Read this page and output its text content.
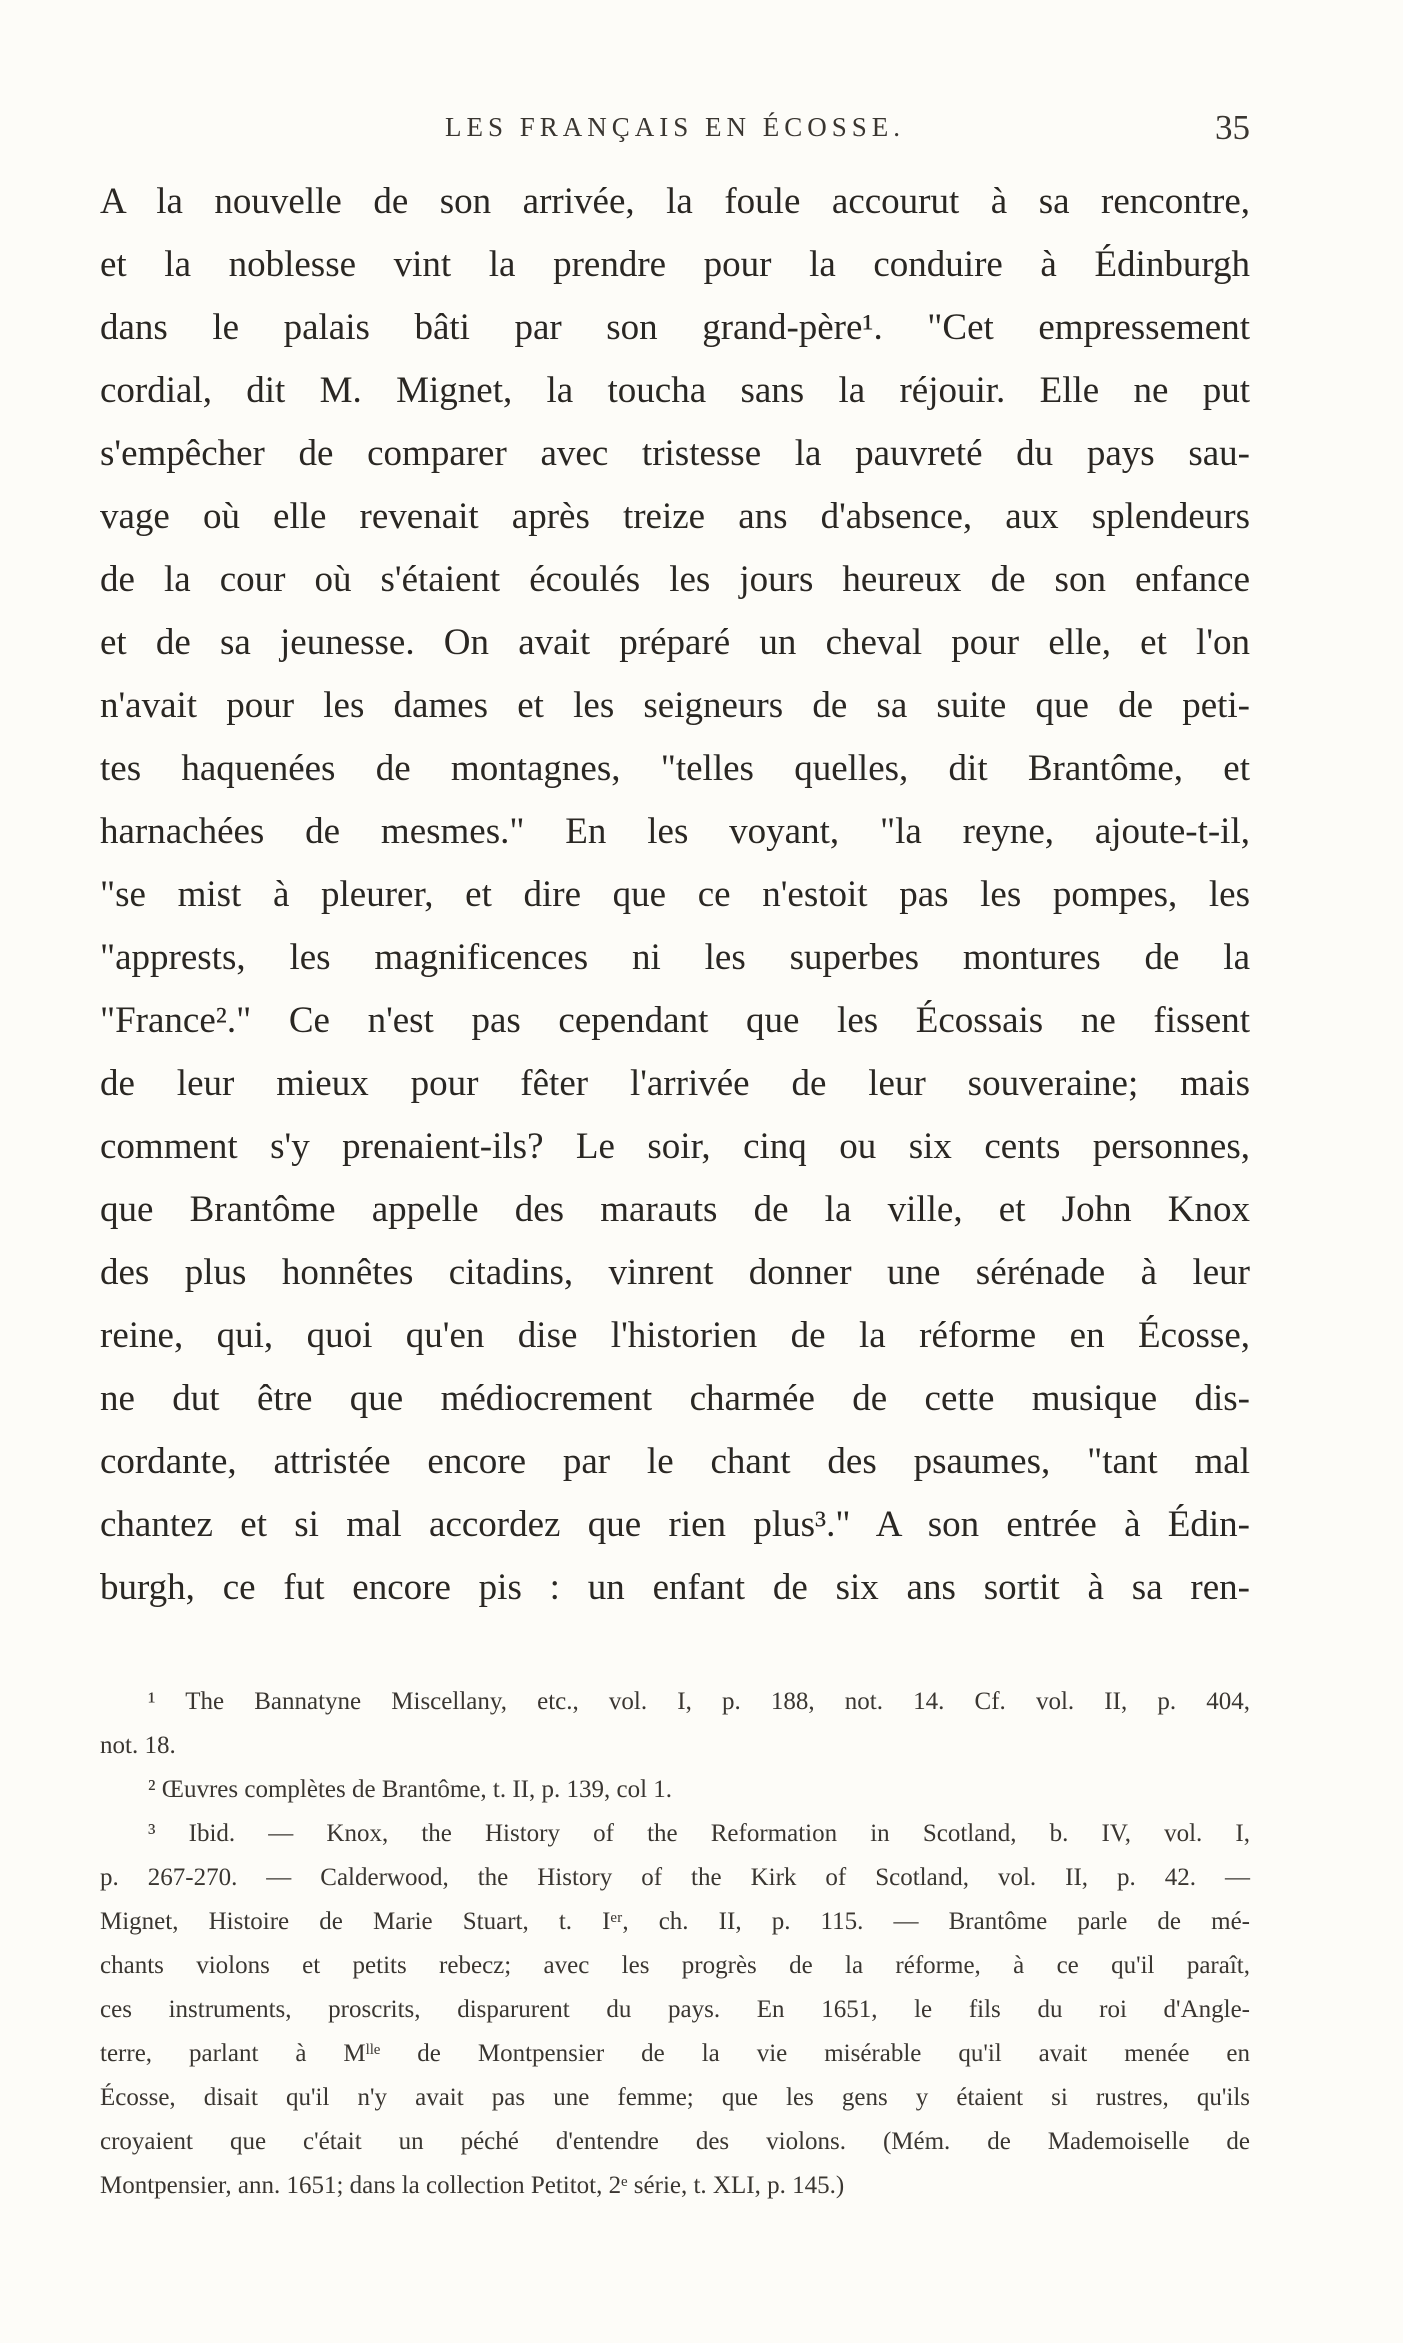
LES FRANÇAIS EN ÉCOSSE.	35
A la nouvelle de son arrivée, la foule accourut à sa rencontre,
et la noblesse vint la prendre pour la conduire à Édinburgh
dans le palais bâti par son grand-père¹. "Cet empressement
cordial, dit M. Mignet, la toucha sans la réjouir. Elle ne put
s'empêcher de comparer avec tristesse la pauvreté du pays sau-
vage où elle revenait après treize ans d'absence, aux splendeurs
de la cour où s'étaient écoulés les jours heureux de son enfance
et de sa jeunesse. On avait préparé un cheval pour elle, et l'on
n'avait pour les dames et les seigneurs de sa suite que de peti-
tes haquenées de montagnes, "telles quelles, dit Brantôme, et
harnachées de mesmes." En les voyant, "la reyne, ajoute-t-il,
"se mist à pleurer, et dire que ce n'estoit pas les pompes, les
"apprests, les magnificences ni les superbes montures de la
"France²." Ce n'est pas cependant que les Écossais ne fissent
de leur mieux pour fêter l'arrivée de leur souveraine; mais
comment s'y prenaient-ils? Le soir, cinq ou six cents personnes,
que Brantôme appelle des marauts de la ville, et John Knox
des plus honnêtes citadins, vinrent donner une sérénade à leur
reine, qui, quoi qu'en dise l'historien de la réforme en Écosse,
ne dut être que médiocrement charmée de cette musique dis-
cordante, attristée encore par le chant des psaumes, "tant mal
chantez et si mal accordez que rien plus³." A son entrée à Édin-
burgh, ce fut encore pis : un enfant de six ans sortit à sa ren-
¹ The Bannatyne Miscellany, etc., vol. I, p. 188, not. 14. Cf. vol. II, p. 404,
not. 18.
² Œuvres complètes de Brantôme, t. II, p. 139, col 1.
³ Ibid. — Knox, the History of the Reformation in Scotland, b. IV, vol. I,
p. 267-270. — Calderwood, the History of the Kirk of Scotland, vol. II, p. 42. —
Mignet, Histoire de Marie Stuart, t. Iᵉʳ, ch. II, p. 115. — Brantôme parle de mé-
chants violons et petits rebecz; avec les progrès de la réforme, à ce qu'il paraît,
ces instruments, proscrits, disparurent du pays. En 1651, le fils du roi d'Angle-
terre, parlant à Mˡˡᵉ de Montpensier de la vie misérable qu'il avait menée en
Écosse, disait qu'il n'y avait pas une femme; que les gens y étaient si rustres, qu'ils
croyaient que c'était un péché d'entendre des violons. (Mém. de Mademoiselle de
Montpensier, ann. 1651; dans la collection Petitot, 2ᵉ série, t. XLI, p. 145.)
